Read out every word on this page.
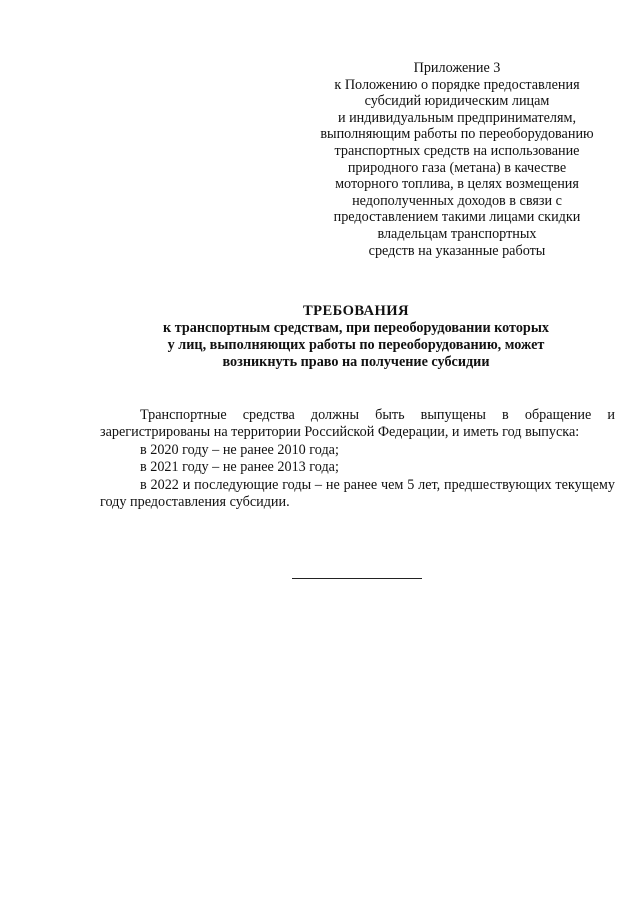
Приложение 3
к Положению о порядке предоставления
субсидий юридическим лицам
и индивидуальным предпринимателям,
выполняющим работы по переоборудованию
транспортных средств на использование
природного газа (метана) в качестве
моторного топлива, в целях возмещения
недополученных доходов в связи с
предоставлением такими лицами скидки
владельцам транспортных
средств на указанные работы
ТРЕБОВАНИЯ
к транспортным средствам, при переоборудовании которых
у лиц, выполняющих работы по переоборудованию, может
возникнуть право на получение субсидии

Транспортные средства должны быть выпущены в обращение и зарегистрированы на территории Российской Федерации, и иметь год выпуска:

в 2020 году – не ранее 2010 года;

в 2021 году – не ранее 2013 года;

в 2022 и последующие годы – не ранее чем 5 лет, предшествующих текущему году предоставления субсидии.
